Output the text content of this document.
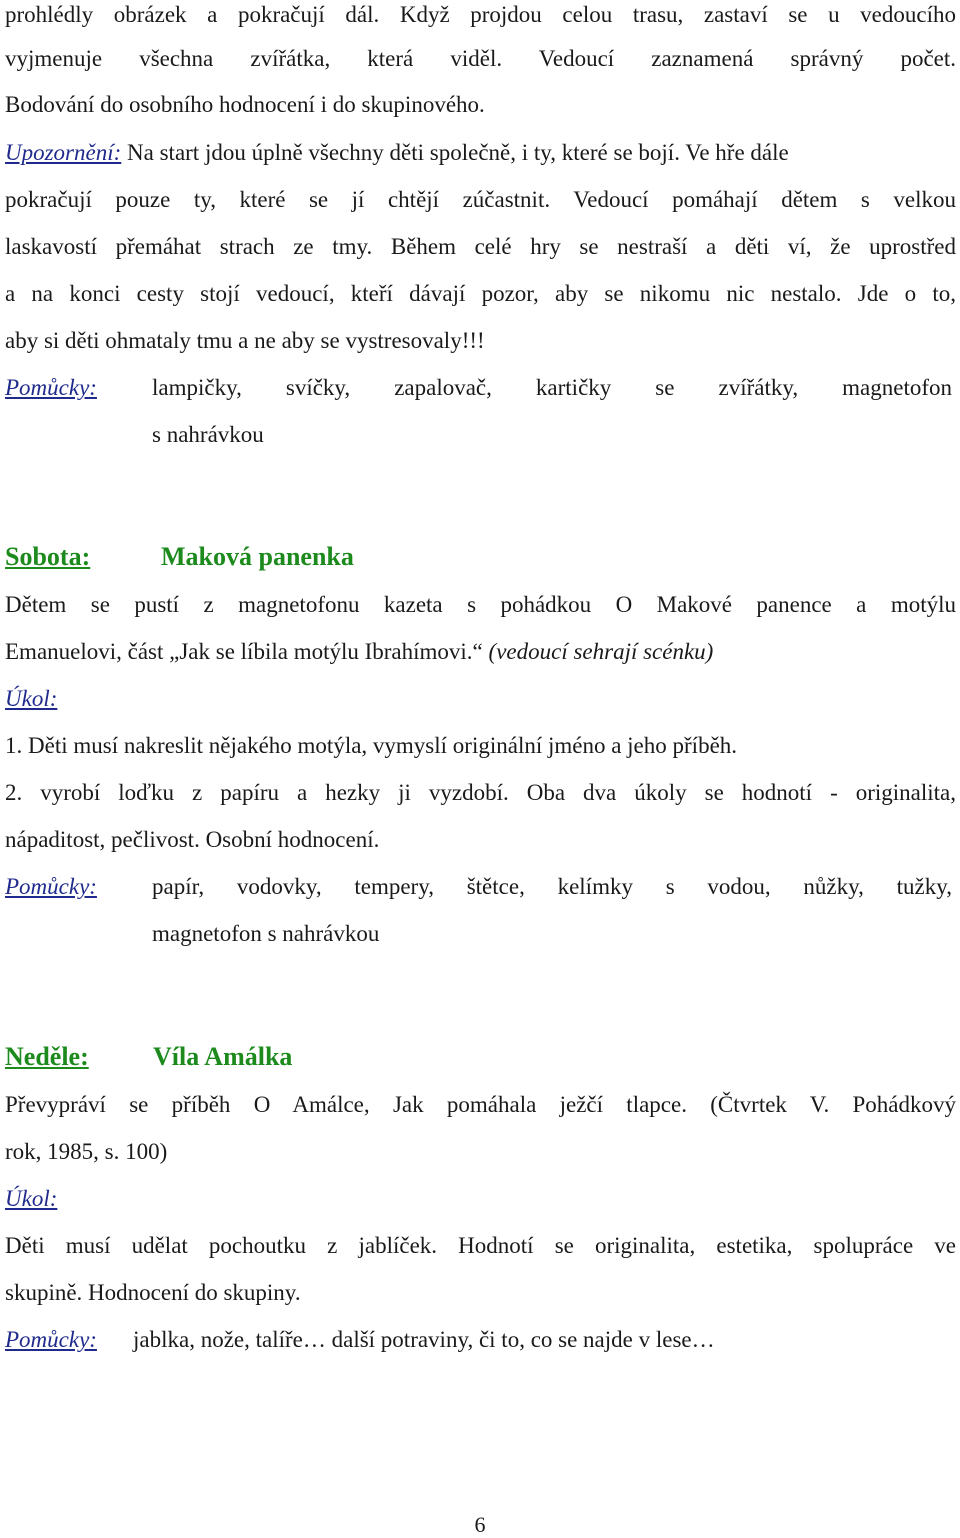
prohlédly obrázek a pokračují dál. Když projdou celou trasu, zastaví se u vedoucího
vyjmenuje všechna zvířátka, která viděl. Vedoucí zaznamená správný počet.
Bodování do osobního hodnocení i do skupinového.
Upozornění: Na start jdou úplně všechny děti společně, i ty, které se bojí. Ve hře dále
pokračují pouze ty, které se jí chtějí zúčastnit. Vedoucí pomáhají dětem s velkou
laskavostí přemáhat strach ze tmy. Během celé hry se nestraší a děti ví, že uprostřed
a na konci cesty stojí vedoucí, kteří dávají pozor, aby se nikomu nic nestalo. Jde o to,
aby si děti ohmataly tmu a ne aby se vystresovaly!!!
Pomůcky: lampičky, svíčky, zapalovač, kartičky se zvířátky, magnetofon
s nahrávkou
Sobota:	Maková panenka
Dětem se pustí z magnetofonu kazeta s pohádkou O Makové panence a motýlu
Emanuelovi, část „Jak se líbila motýlu Ibrahímovi.“ (vedoucí sehrají scénku)
Úkol:
1. Děti musí nakreslit nějakého motýla, vymyslí originální jméno a jeho příběh.
2. vyrobí loďku z papíru a hezky ji vyzdobí. Oba dva úkoly se hodnotí - originalita,
nápaditost, pečlivost. Osobní hodnocení.
Pomůcky: papír, vodovky, tempery, štětce, kelímky s vodou, nůžky, tužky,
magnetofon s nahrávkou
Neděle: Víla Amálka
Převypráví se příběh O Amálce, Jak pomáhala ježčí tlapce. (Čtvrtek V. Pohádkový
rok, 1985, s. 100)
Úkol:
Děti musí udělat pochoutku z jablíček. Hodnotí se originalita, estetika, spolupráce ve
skupině. Hodnocení do skupiny.
Pomůcky: jablka, nože, talíře… další potraviny, či to, co se najde v lese…
6
